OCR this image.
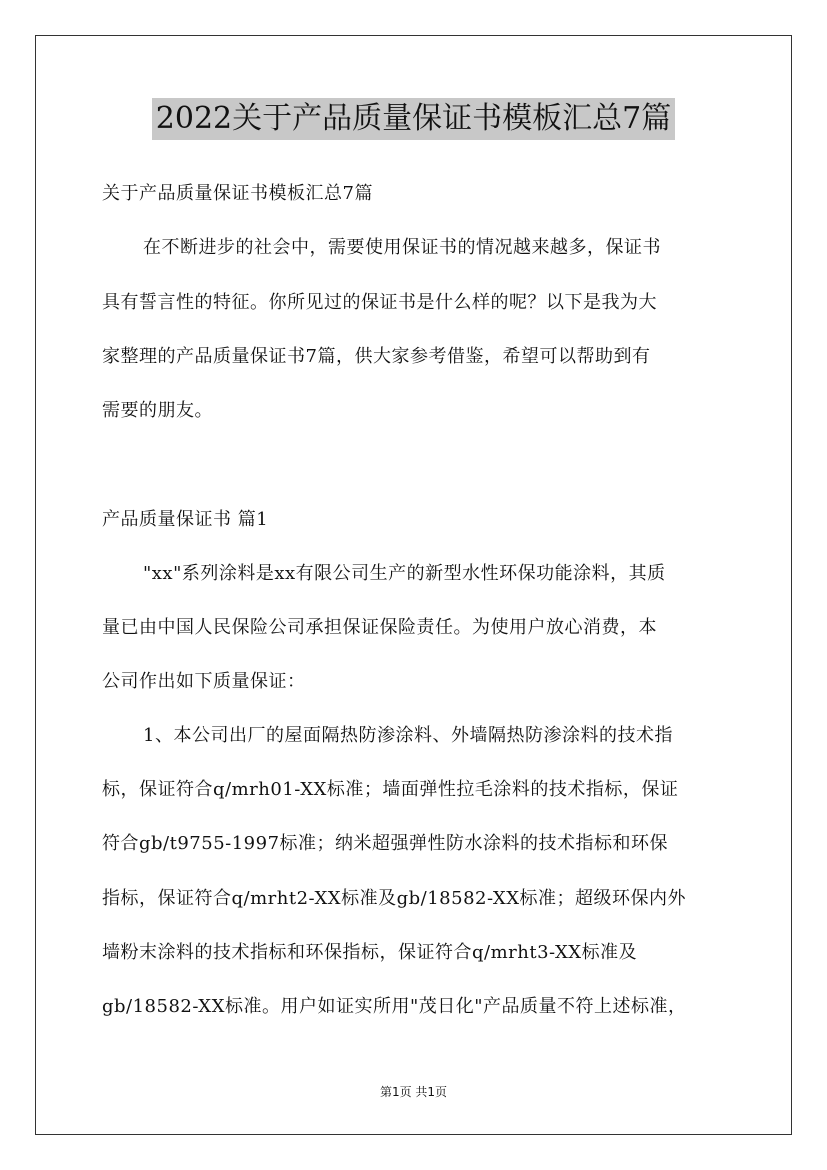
2022关于产品质量保证书模板汇总7篇
关于产品质量保证书模板汇总7篇
在不断进步的社会中，需要使用保证书的情况越来越多，保证书
具有誓言性的特征。你所见过的保证书是什么样的呢？以下是我为大
家整理的产品质量保证书7篇，供大家参考借鉴，希望可以帮助到有
需要的朋友。
产品质量保证书 篇1
"xx"系列涂料是xx有限公司生产的新型水性环保功能涂料，其质
量已由中国人民保险公司承担保证保险责任。为使用户放心消费，本
公司作出如下质量保证：
1、本公司出厂的屋面隔热防渗涂料、外墙隔热防渗涂料的技术指
标，保证符合q/mrh01-XX标准；墙面弹性拉毛涂料的技术指标，保证
符合gb/t9755-1997标准；纳米超强弹性防水涂料的技术指标和环保
指标，保证符合q/mrht2-XX标准及gb/18582-XX标准；超级环保内外
墙粉末涂料的技术指标和环保指标，保证符合q/mrht3-XX标准及
gb/18582-XX标准。用户如证实所用"茂日化"产品质量不符上述标准，
第1页 共1页
